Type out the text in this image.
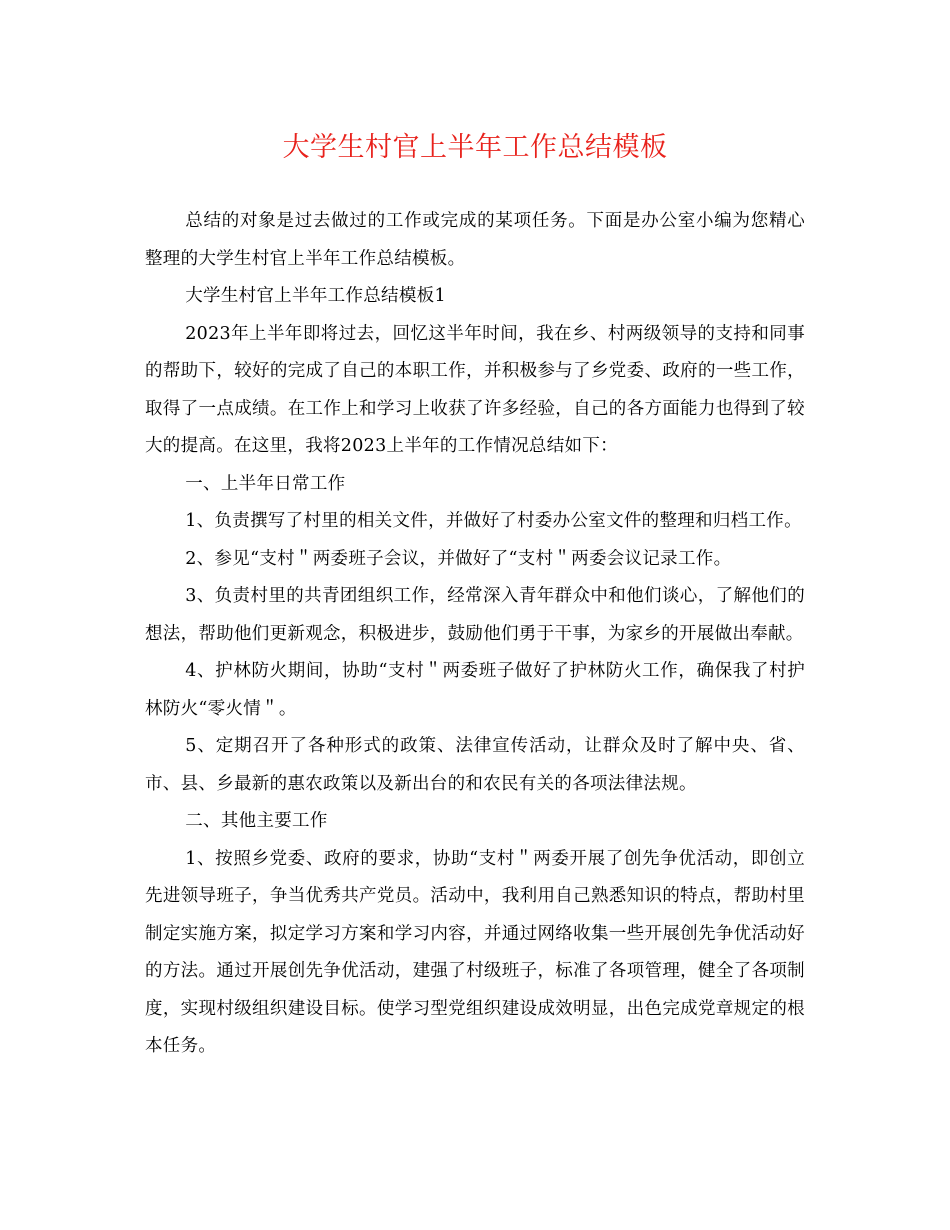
大学生村官上半年工作总结模板

总结的对象是过去做过的工作或完成的某项任务。下面是办公室小编为您精心整理的大学生村官上半年工作总结模板。

大学生村官上半年工作总结模板1

2023年上半年即将过去，回忆这半年时间，我在乡、村两级领导的支持和同事的帮助下，较好的完成了自己的本职工作，并积极参与了乡党委、政府的一些工作，取得了一点成绩。在工作上和学习上收获了许多经验，自己的各方面能力也得到了较大的提高。在这里，我将2023上半年的工作情况总结如下：

一、上半年日常工作

1、负责撰写了村里的相关文件，并做好了村委办公室文件的整理和归档工作。

2、参见“支村＂两委班子会议，并做好了“支村＂两委会议记录工作。

3、负责村里的共青团组织工作，经常深入青年群众中和他们谈心，了解他们的想法，帮助他们更新观念，积极进步，鼓励他们勇于干事，为家乡的开展做出奉献。

4、护林防火期间，协助“支村＂两委班子做好了护林防火工作，确保我了村护林防火“零火情＂。

5、定期召开了各种形式的政策、法律宣传活动，让群众及时了解中央、省、市、县、乡最新的惠农政策以及新出台的和农民有关的各项法律法规。

二、其他主要工作

1、按照乡党委、政府的要求，协助“支村＂两委开展了创先争优活动，即创立先进领导班子，争当优秀共产党员。活动中，我利用自己熟悉知识的特点，帮助村里制定实施方案，拟定学习方案和学习内容，并通过网络收集一些开展创先争优活动好的方法。通过开展创先争优活动，建强了村级班子，标准了各项管理，健全了各项制度，实现村级组织建设目标。使学习型党组织建设成效明显，出色完成党章规定的根本任务。
